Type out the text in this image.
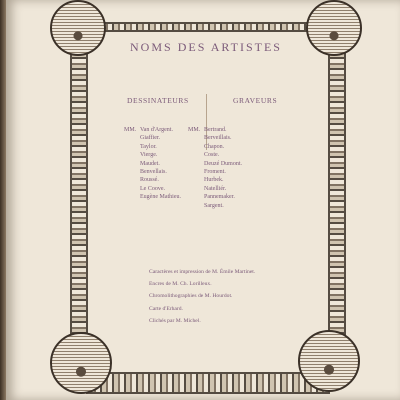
NOMS DES ARTISTES
DESSINATEURS	GRAVEURS
MM. Van d'Argent.
Giaffier.
Taylor.
Vierge.
Maudet.
Benvellais.
Roussé.
Le Coove.
Eugène Mathieu.
MM. Bertrand.
Berveillais.
Chapon.
Coste.
Deuzé Dumont.
Froment.
Hurbek.
Natelliér.
Pannemaker.
Sargent.
Caractères et impression de M. Émile Martinet.
Encres de M. Ch. Lorilleux.
Chromolithographies de M. Hourdot.
Carte d'Erhard.
Clichés par M. Michel.
